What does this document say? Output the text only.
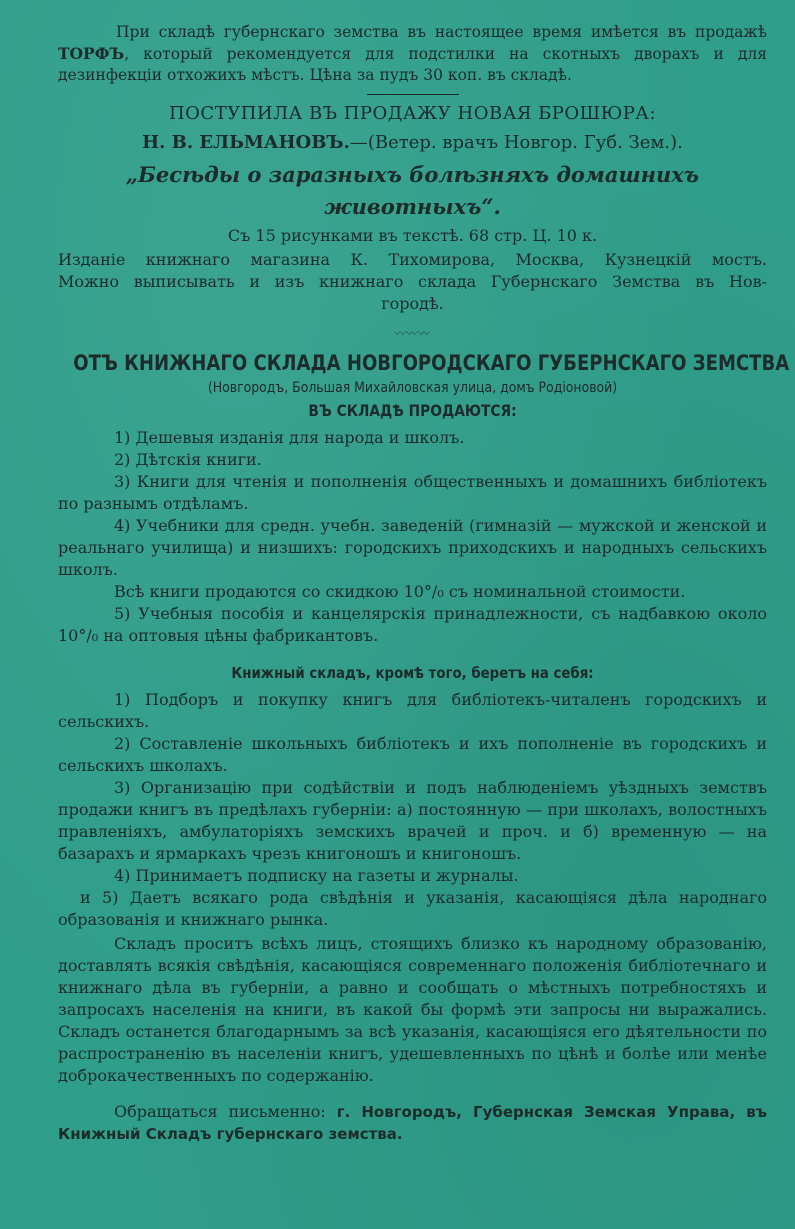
При складѣ губернскаго земства въ настоящее время имѣется въ продажѣ ТОРФЪ, который рекомендуется для подстилки на скотныхъ дворахъ и для дезинфекціи отхожихъ мѣстъ. Цѣна за пудъ 30 коп. въ складѣ.

ПОСТУПИЛА ВЪ ПРОДАЖУ НОВАЯ БРОШЮРА:

Н. В. ЕЛЬМАНОВЪ.—(Ветер. врачъ Новгор. Губ. Зем.).

„Бесѣды о заразныхъ болѣзняхъ домашнихъ животныхъ“.

Съ 15 рисунками въ текстѣ. 68 стр. Ц. 10 к.

Изданіе книжнаго магазина К. Тихомирова, Москва, Кузнецкій мостъ.

Можно выписывать и изъ книжнаго склада Губернскаго Земства въ Нов-

городѣ.

〰〰〰

ОТЪ КНИЖНАГО СКЛАДА НОВГОРОДСКАГО ГУБЕРНСКАГО ЗЕМСТВА

(Новгородъ, Большая Михайловская улица, домъ Родіоновой)

ВЪ СКЛАДѢ ПРОДАЮТСЯ:

1) Дешевыя изданія для народа и школъ.

2) Дѣтскія книги.

3) Книги для чтенія и пополненія общественныхъ и домашнихъ библіотекъ по разнымъ отдѣламъ.

4) Учебники для средн. учебн. заведеній (гимназій — мужской и женской и реальнаго училища) и низшихъ: городскихъ приходскихъ и народныхъ сельскихъ школъ.

Всѣ книги продаются со скидкою 10°/₀ съ номинальной стоимости.

5) Учебныя пособія и канцелярскія принадлежности, съ надбавкою около 10°/₀ на оптовыя цѣны фабрикантовъ.

Книжный складъ, кромѣ того, беретъ на себя:

1) Подборъ и покупку книгъ для библіотекъ-читаленъ городскихъ и сельскихъ.

2) Составленіе школьныхъ библіотекъ и ихъ пополненіе въ городскихъ и сельскихъ школахъ.

3) Организацію при содѣйствіи и подъ наблюденіемъ уѣздныхъ земствъ продажи книгъ въ предѣлахъ губерніи: а) постоянную — при школахъ, волостныхъ правленіяхъ, амбулаторіяхъ земскихъ врачей и проч. и б) временную — на базарахъ и ярмаркахъ чрезъ книгоношъ и книгоношъ.

4) Принимаетъ подписку на газеты и журналы.

и 5) Даетъ всякаго рода свѣдѣнія и указанія, касающіяся дѣла народнаго образованія и книжнаго рынка.

Складъ проситъ всѣхъ лицъ, стоящихъ близко къ народному образованію, доставлять всякія свѣдѣнія, касающіяся современнаго положенія библіотечнаго и книжнаго дѣла въ губерніи, а равно и сообщать о мѣстныхъ потребностяхъ и запросахъ населенія на книги, въ какой бы формѣ эти запросы ни выражались. Складъ останется благодарнымъ за всѣ указанія, касающіяся его дѣятельности по распространенію въ населеніи книгъ, удешевленныхъ по цѣнѣ и болѣе или менѣе доброкачественныхъ по содержанію.

Обращаться письменно: г. Новгородъ, Губернская Земская Управа, въ Книжный Складъ губернскаго земства.
